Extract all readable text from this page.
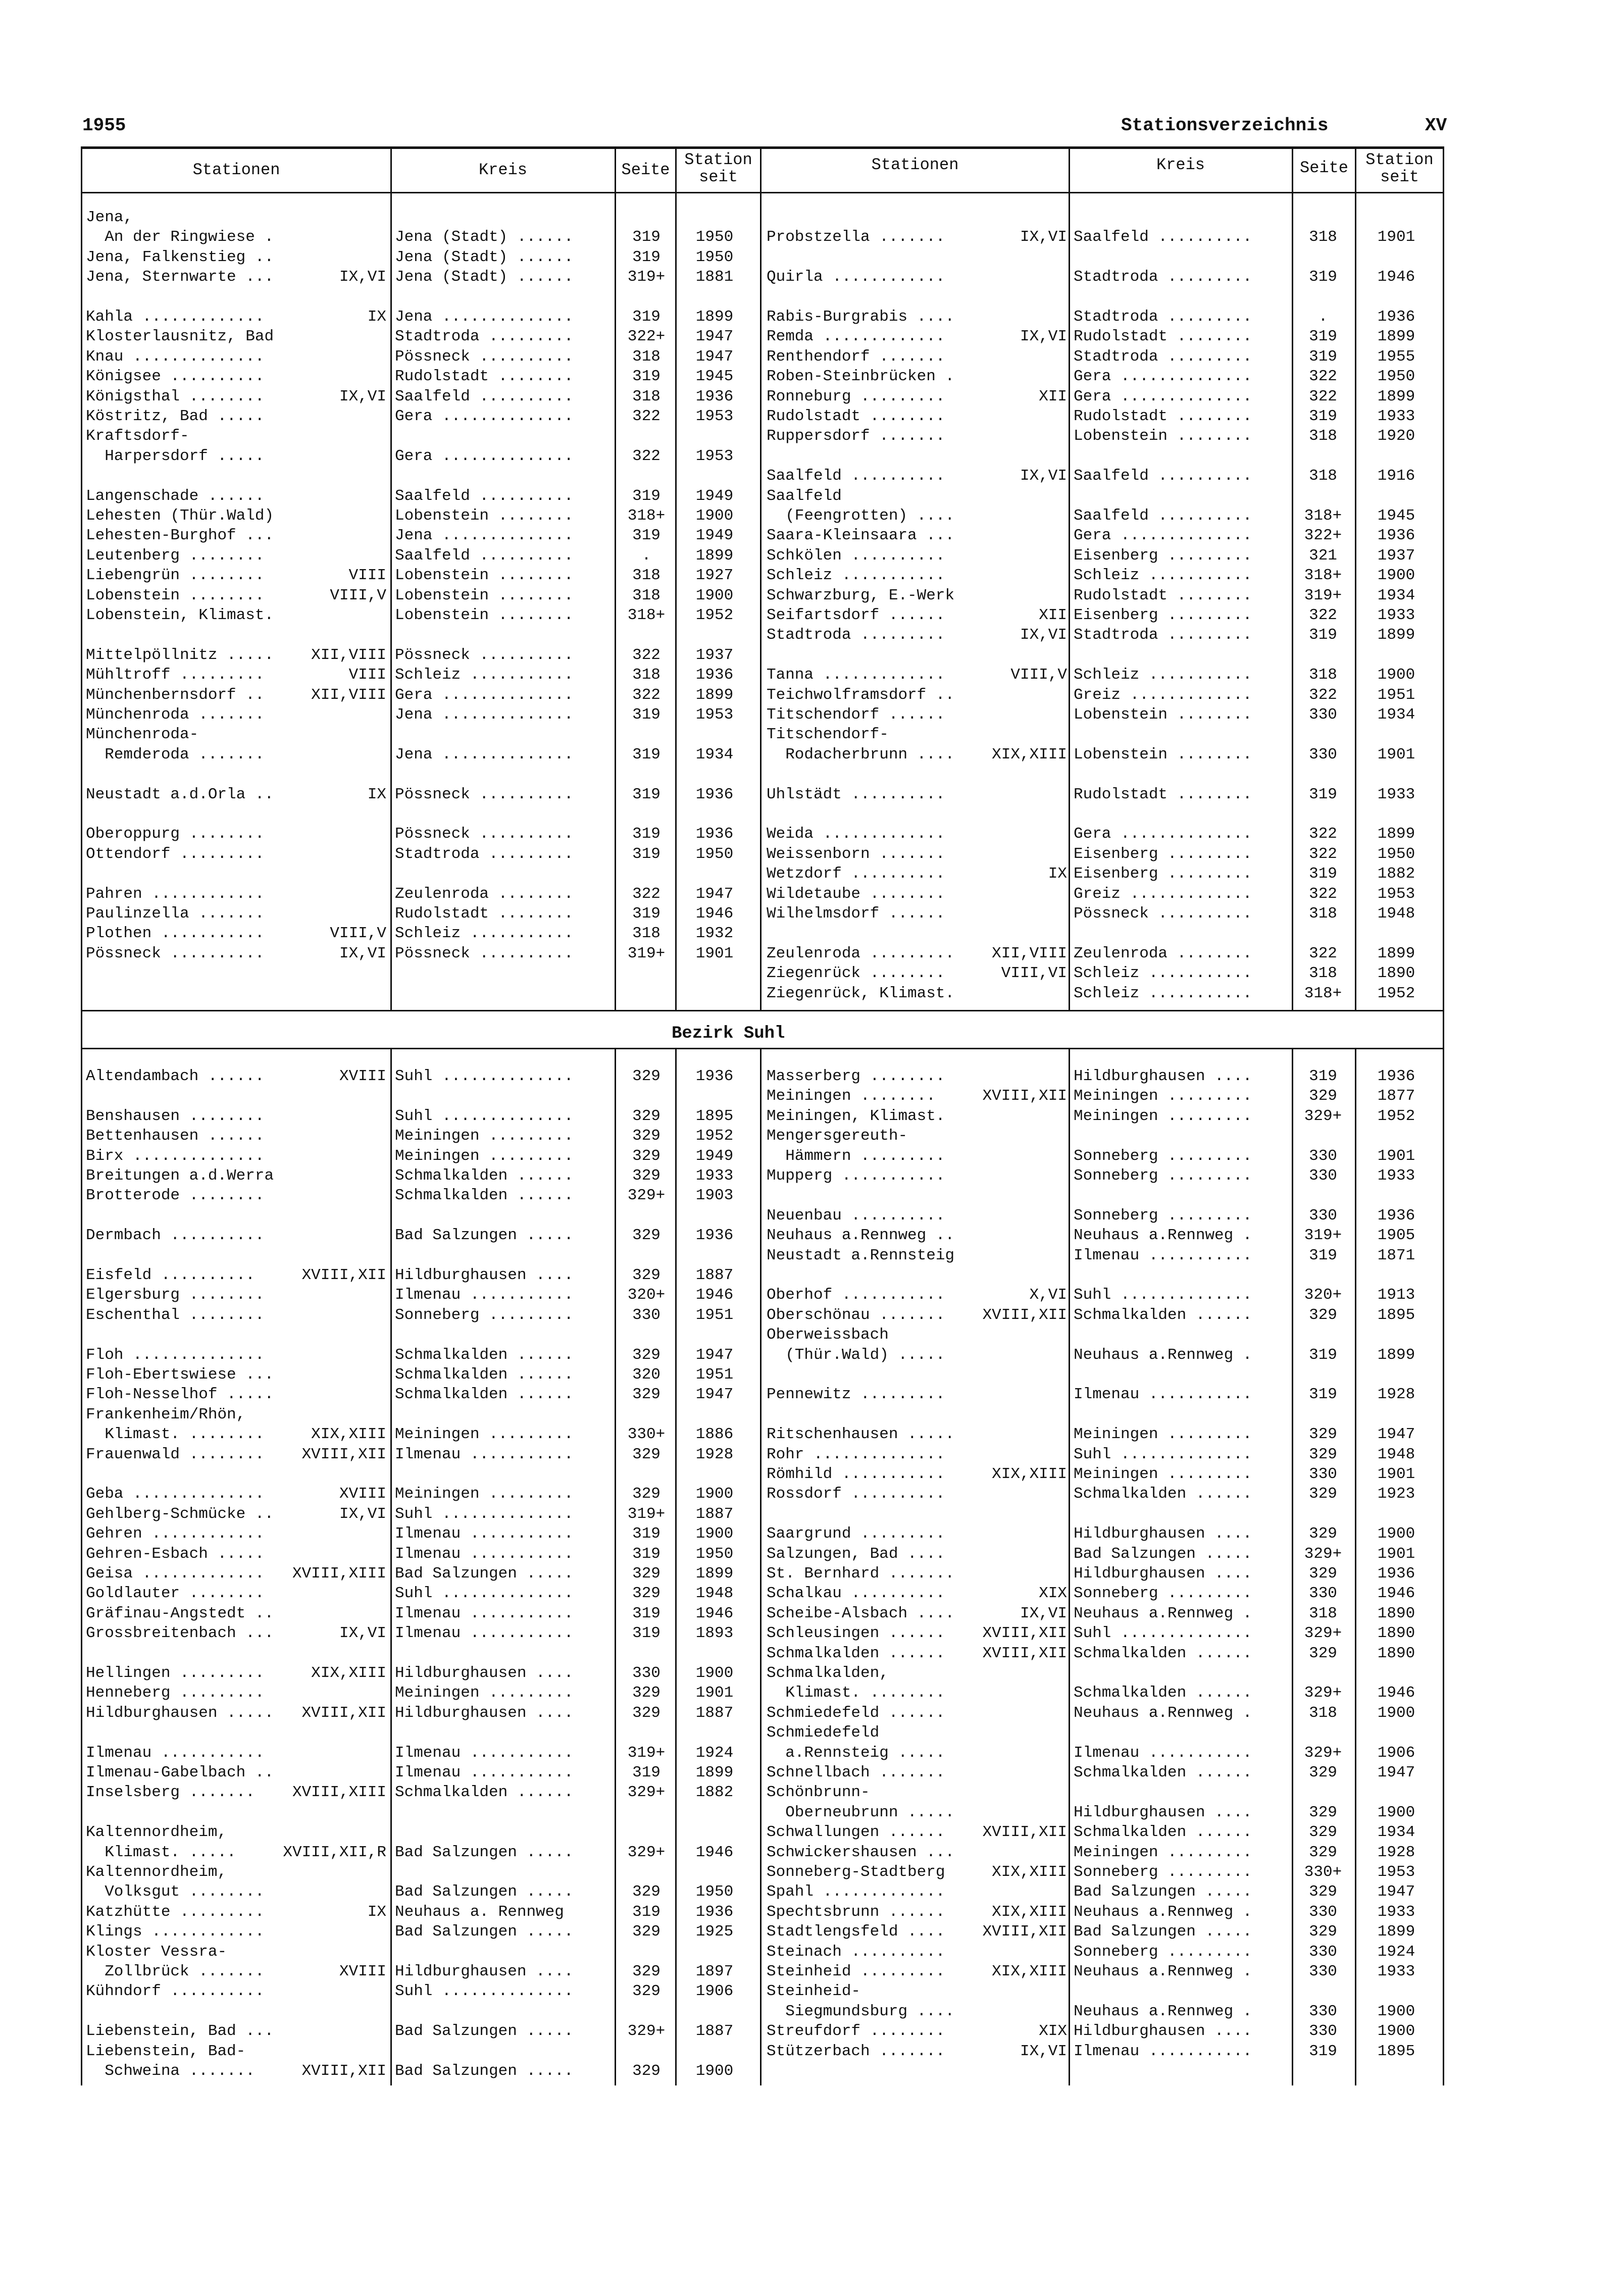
1955	Stationsverzeichnis	XV
Stationen	Kreis	Seite
Station
seit
Stationen	Kreis	Seite	Station
seit
Bezirk Suhl
Jena,
An der Ringwiese .	Jena (Stadt) ......	319	1950
Jena, Falkenstieg ..	Jena (Stadt) ......	319	1950
Jena, Sternwarte ...	IX,VI Jena (Stadt) ......	319+	1881
Kahla .............	IX Jena ..............	319	1899
Klosterlausnitz, Bad	Stadtroda .........	322+	1947
Knau ..............	Pössneck ..........	318	1947
Königsee ..........	Rudolstadt ........	319	1945
Königsthal ........	IX,VI Saalfeld ..........	318	1936
Köstritz, Bad .....	Gera ..............	322	1953
Kraftsdorf-
Harpersdorf .....	Gera ..............	322	1953
Langenschade ......	Saalfeld ..........	319	1949
Lehesten (Thür.Wald)	Lobenstein ........	318+	1900
Lehesten-Burghof ...	Jena ..............	319	1949
Leutenberg ........	Saalfeld ..........	.	1899
Liebengrün ........	VIII Lobenstein ........	318	1927
Lobenstein ........	VIII,V Lobenstein ........	318	1900
Lobenstein, Klimast.	Lobenstein ........	318+	1952
Mittelpöllnitz .....	XII,VIII Pössneck ..........	322	1937
Mühltroff .........	VIII Schleiz ...........	318	1936
Münchenbernsdorf ..	XII,VIII Gera ..............	322	1899
Münchenroda .......	Jena ..............	319	1953
Münchenroda-
Remderoda .......	Jena ..............	319	1934
Neustadt a.d.Orla ..	IX Pössneck ..........	319	1936
Oberoppurg ........	Pössneck ..........	319	1936
Ottendorf .........	Stadtroda .........	319	1950
Pahren ............	Zeulenroda ........	322	1947
Paulinzella .......	Rudolstadt ........	319	1946
Plothen ...........	VIII,V Schleiz ...........	318	1932
Pössneck ..........	IX,VI Pössneck ..........	319+	1901
Probstzella .......	IX,VI Saalfeld ..........	318	1901
Quirla ............	Stadtroda .........	319	1946
Rabis-Burgrabis ....	Stadtroda .........	.	1936
Remda .............	IX,VI Rudolstadt ........	319	1899
Renthendorf .......	Stadtroda .........	319	1955
Roben-Steinbrücken .	Gera ..............	322	1950
Ronneburg .........	XII Gera ..............	322	1899
Rudolstadt ........	Rudolstadt ........	319	1933
Ruppersdorf .......	Lobenstein ........	318	1920
Saalfeld ..........	IX,VI Saalfeld ..........	318	1916
Saalfeld
(Feengrotten) ....	Saalfeld ..........	318+	1945
Saara-Kleinsaara ...	Gera ..............	322+	1936
Schkölen ..........	Eisenberg .........	321	1937
Schleiz ...........	Schleiz ...........	318+	1900
Schwarzburg, E.-Werk	Rudolstadt ........	319+	1934
Seifartsdorf ......	XII Eisenberg .........	322	1933
Stadtroda .........	IX,VI Stadtroda .........	319	1899
Tanna .............	VIII,V Schleiz ...........	318	1900
Teichwolframsdorf ..	Greiz .............	322	1951
Titschendorf ......	Lobenstein ........	330	1934
Titschendorf-
Rodacherbrunn ....	XIX,XIII Lobenstein ........	330	1901
Uhlstädt ..........	Rudolstadt ........	319	1933
Weida .............	Gera ..............	322	1899
Weissenborn .......	Eisenberg .........	322	1950
Wetzdorf ..........	IX Eisenberg .........	319	1882
Wildetaube ........	Greiz .............	322	1953
Wilhelmsdorf ......	Pössneck ..........	318	1948
Zeulenroda .........	XII,VIII Zeulenroda ........	322	1899
Ziegenrück ........	VIII,VI Schleiz ...........	318	1890
Ziegenrück, Klimast.	Schleiz ...........	318+	1952
Altendambach ......	XVIII Suhl ..............	329	1936
Benshausen ........	Suhl ..............	329	1895
Bettenhausen ......	Meiningen .........	329	1952
Birx ..............	Meiningen .........	329	1949
Breitungen a.d.Werra	Schmalkalden ......	329	1933
Brotterode ........	Schmalkalden ......	329+	1903
Dermbach ..........	Bad Salzungen .....	329	1936
Eisfeld ..........	XVIII,XII Hildburghausen ....	329	1887
Elgersburg ........	Ilmenau ...........	320+	1946
Eschenthal ........	Sonneberg .........	330	1951
Floh ..............	Schmalkalden ......	329	1947
Floh-Ebertswiese ...	Schmalkalden ......	320	1951
Floh-Nesselhof .....	Schmalkalden ......	329	1947
Frankenheim/Rhön,
Klimast. ........	XIX,XIII Meiningen .........	330+	1886
Frauenwald ........	XVIII,XII Ilmenau ...........	329	1928
Geba ..............	XVIII Meiningen .........	329	1900
Gehlberg-Schmücke ..	IX,VI Suhl ..............	319+	1887
Gehren ............	Ilmenau ...........	319	1900
Gehren-Esbach .....	Ilmenau ...........	319	1950
Geisa .............	XVIII,XIII Bad Salzungen .....	329	1899
Goldlauter ........	Suhl ..............	329	1948
Gräfinau-Angstedt ..	Ilmenau ...........	319	1946
Grossbreitenbach ...	IX,VI Ilmenau ...........	319	1893
Hellingen .........	XIX,XIII Hildburghausen ....	330	1900
Henneberg .........	Meiningen .........	329	1901
Hildburghausen .....	XVIII,XII Hildburghausen ....	329	1887
Ilmenau ...........	Ilmenau ...........	319+	1924
Ilmenau-Gabelbach ..	Ilmenau ...........	319	1899
Inselsberg .......	XVIII,XIII Schmalkalden ......	329+	1882
Kaltennordheim,
Klimast. .....	XVIII,XII,R Bad Salzungen .....	329+	1946
Kaltennordheim,
Volksgut ........	Bad Salzungen .....	329	1950
Katzhütte .........	IX Neuhaus a. Rennweg	319	1936
Klings ............	Bad Salzungen .....	329	1925
Kloster Vessra-
Zollbrück .......	XVIII Hildburghausen ....	329	1897
Kühndorf ..........	Suhl ..............	329	1906
Liebenstein, Bad ...	Bad Salzungen .....	329+	1887
Liebenstein, Bad-
Schweina .......	XVIII,XII Bad Salzungen .....	329	1900
Masserberg ........	Hildburghausen ....	319	1936
Meiningen ........	XVIII,XII Meiningen .........	329	1877
Meiningen, Klimast.	Meiningen .........	329+	1952
Mengersgereuth-
Hämmern .........	Sonneberg .........	330	1901
Mupperg ...........	Sonneberg .........	330	1933
Neuenbau ..........	Sonneberg .........	330	1936
Neuhaus a.Rennweg ..	Neuhaus a.Rennweg .	319+	1905
Neustadt a.Rennsteig	Ilmenau ...........	319	1871
Oberhof ...........	X,VI Suhl ..............	320+	1913
Oberschönau .......	XVIII,XII Schmalkalden ......	329	1895
Oberweissbach
(Thür.Wald) .....	Neuhaus a.Rennweg .	319	1899
Pennewitz .........	Ilmenau ...........	319	1928
Ritschenhausen .....	Meiningen .........	329	1947
Rohr ..............	Suhl ..............	329	1948
Römhild ...........	XIX,XIII Meiningen .........	330	1901
Rossdorf ..........	Schmalkalden ......	329	1923
Saargrund .........	Hildburghausen ....	329	1900
Salzungen, Bad ....	Bad Salzungen .....	329+	1901
St. Bernhard .......	Hildburghausen ....	329	1936
Schalkau ..........	XIX Sonneberg .........	330	1946
Scheibe-Alsbach ....	IX,VI Neuhaus a.Rennweg .	318	1890
Schleusingen ......	XVIII,XII Suhl ..............	329+	1890
Schmalkalden ......	XVIII,XII Schmalkalden ......	329	1890
Schmalkalden,
Klimast. ........	Schmalkalden ......	329+	1946
Schmiedefeld ......	Neuhaus a.Rennweg .	318	1900
Schmiedefeld
a.Rennsteig .....	Ilmenau ...........	329+	1906
Schnellbach .......	Schmalkalden ......	329	1947
Schönbrunn-
Oberneubrunn .....	Hildburghausen ....	329	1900
Schwallungen ......	XVIII,XII Schmalkalden ......	329	1934
Schwickershausen ...	Meiningen .........	329	1928
Sonneberg-Stadtberg	XIX,XIII Sonneberg .........	330+	1953
Spahl .............	Bad Salzungen .....	329	1947
Spechtsbrunn ......	XIX,XIII Neuhaus a.Rennweg .	330	1933
Stadtlengsfeld ....	XVIII,XII Bad Salzungen .....	329	1899
Steinach ..........	Sonneberg .........	330	1924
Steinheid .........	XIX,XIII Neuhaus a.Rennweg .	330	1933
Steinheid-
Siegmundsburg ....	Neuhaus a.Rennweg .	330	1900
Streufdorf ........	XIX Hildburghausen ....	330	1900
Stützerbach .......	IX,VI Ilmenau ...........	319	1895
